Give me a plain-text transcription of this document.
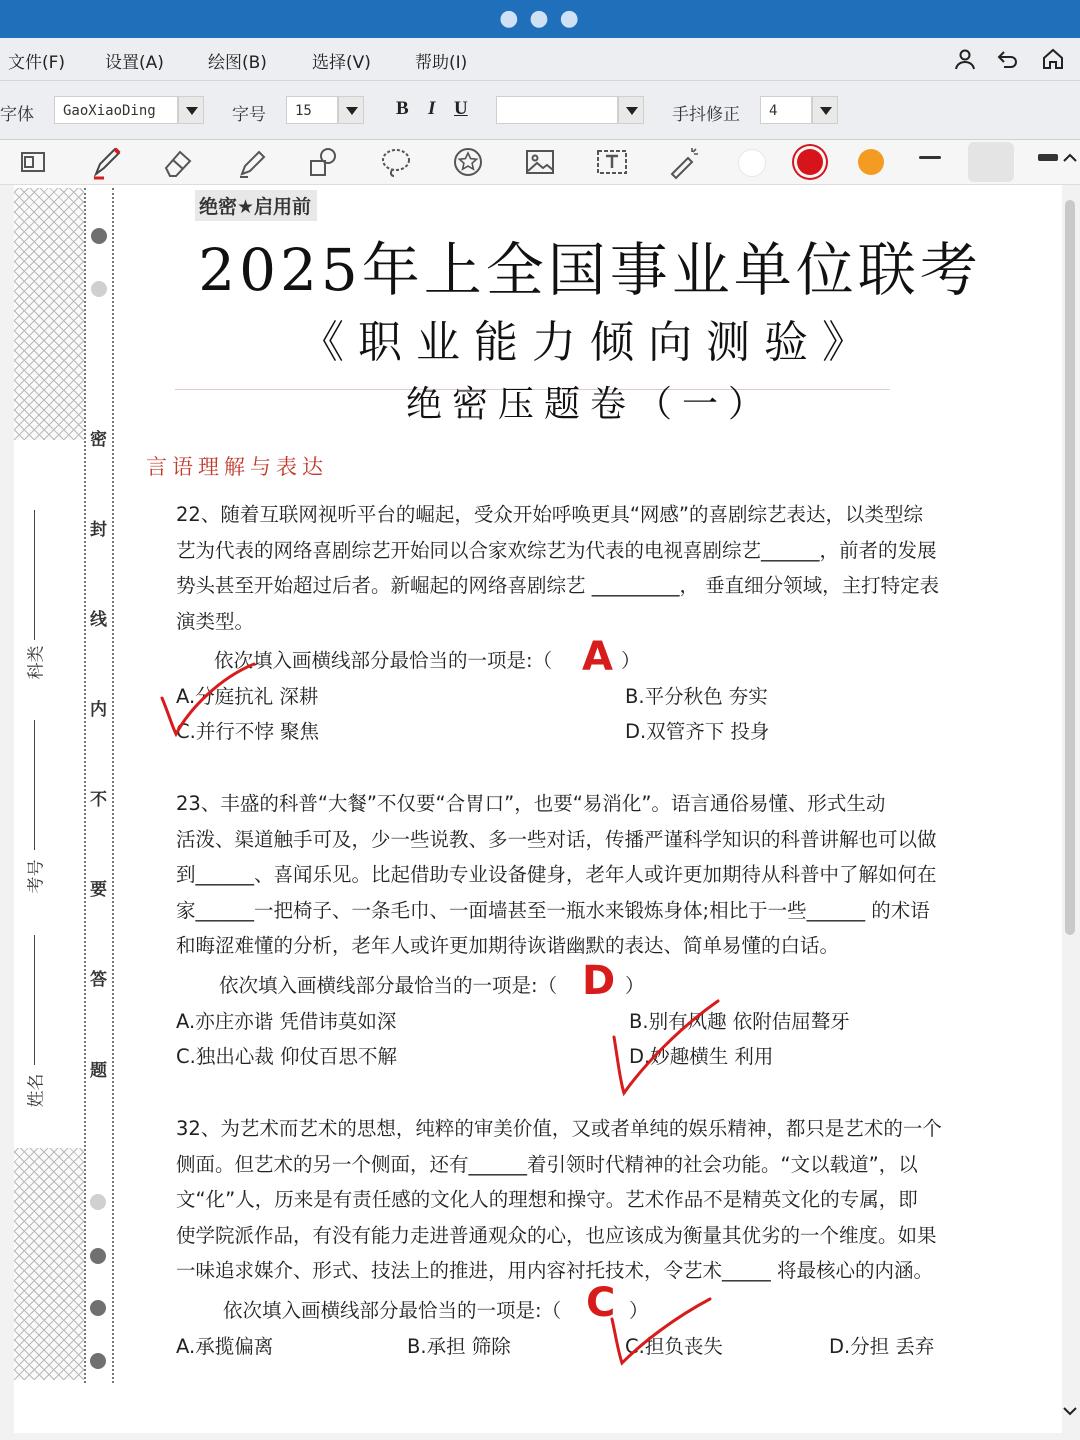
● ● ●
文件(F) 设置(A)	绘图(B)	选择(V)	帮助(I)
字体	GaoXiaoDing	字号	15	B I U	手抖修正	4
密
封
线
内
不
要
答
题
科类
考号
姓名
绝密★启用前
2025年上全国事业单位联考
《职业能力倾向测验》
绝密压题卷（一）
言语理解与表达
22、随着互联网视听平台的崛起，受众开始呼唤更具“网感”的喜剧综艺表达，以类型综
艺为代表的网络喜剧综艺开始同以合家欢综艺为代表的电视喜剧综艺______，前者的发展
势头甚至开始超过后者。新崛起的网络喜剧综艺 _________， 垂直细分领域，主打特定表
演类型。
依次填入画横线部分最恰当的一项是:（ A ）
A.分庭抗礼 深耕	B.平分秋色 夯实
C.并行不悖 聚焦	D.双管齐下 投身
23、丰盛的科普“大餐”不仅要“合胃口”，也要“易消化”。语言通俗易懂、形式生动
活泼、渠道触手可及，少一些说教、多一些对话，传播严谨科学知识的科普讲解也可以做
到______、喜闻乐见。比起借助专业设备健身，老年人或许更加期待从科普中了解如何在
家______一把椅子、一条毛巾、一面墙甚至一瓶水来锻炼身体;相比于一些______ 的术语
和晦涩难懂的分析，老年人或许更加期待诙谐幽默的表达、简单易懂的白话。
依次填入画横线部分最恰当的一项是:（ D ）
A.亦庄亦谐 凭借讳莫如深	B.别有风趣 依附佶屈聱牙
C.独出心裁 仰仗百思不解	D.妙趣横生 利用
32、为艺术而艺术的思想，纯粹的审美价值，又或者单纯的娱乐精神，都只是艺术的一个
侧面。但艺术的另一个侧面，还有______着引领时代精神的社会功能。“文以载道”，以
文“化”人，历来是有责任感的文化人的理想和操守。艺术作品不是精英文化的专属，即
使学院派作品，有没有能力走进普通观众的心，也应该成为衡量其优劣的一个维度。如果
一味追求媒介、形式、技法上的推进，用内容衬托技术，令艺术_____ 将最核心的内涵。
依次填入画横线部分最恰当的一项是:（ C ）
A.承揽偏离	B.承担 筛除	C.担负丧失	D.分担 丢弃
